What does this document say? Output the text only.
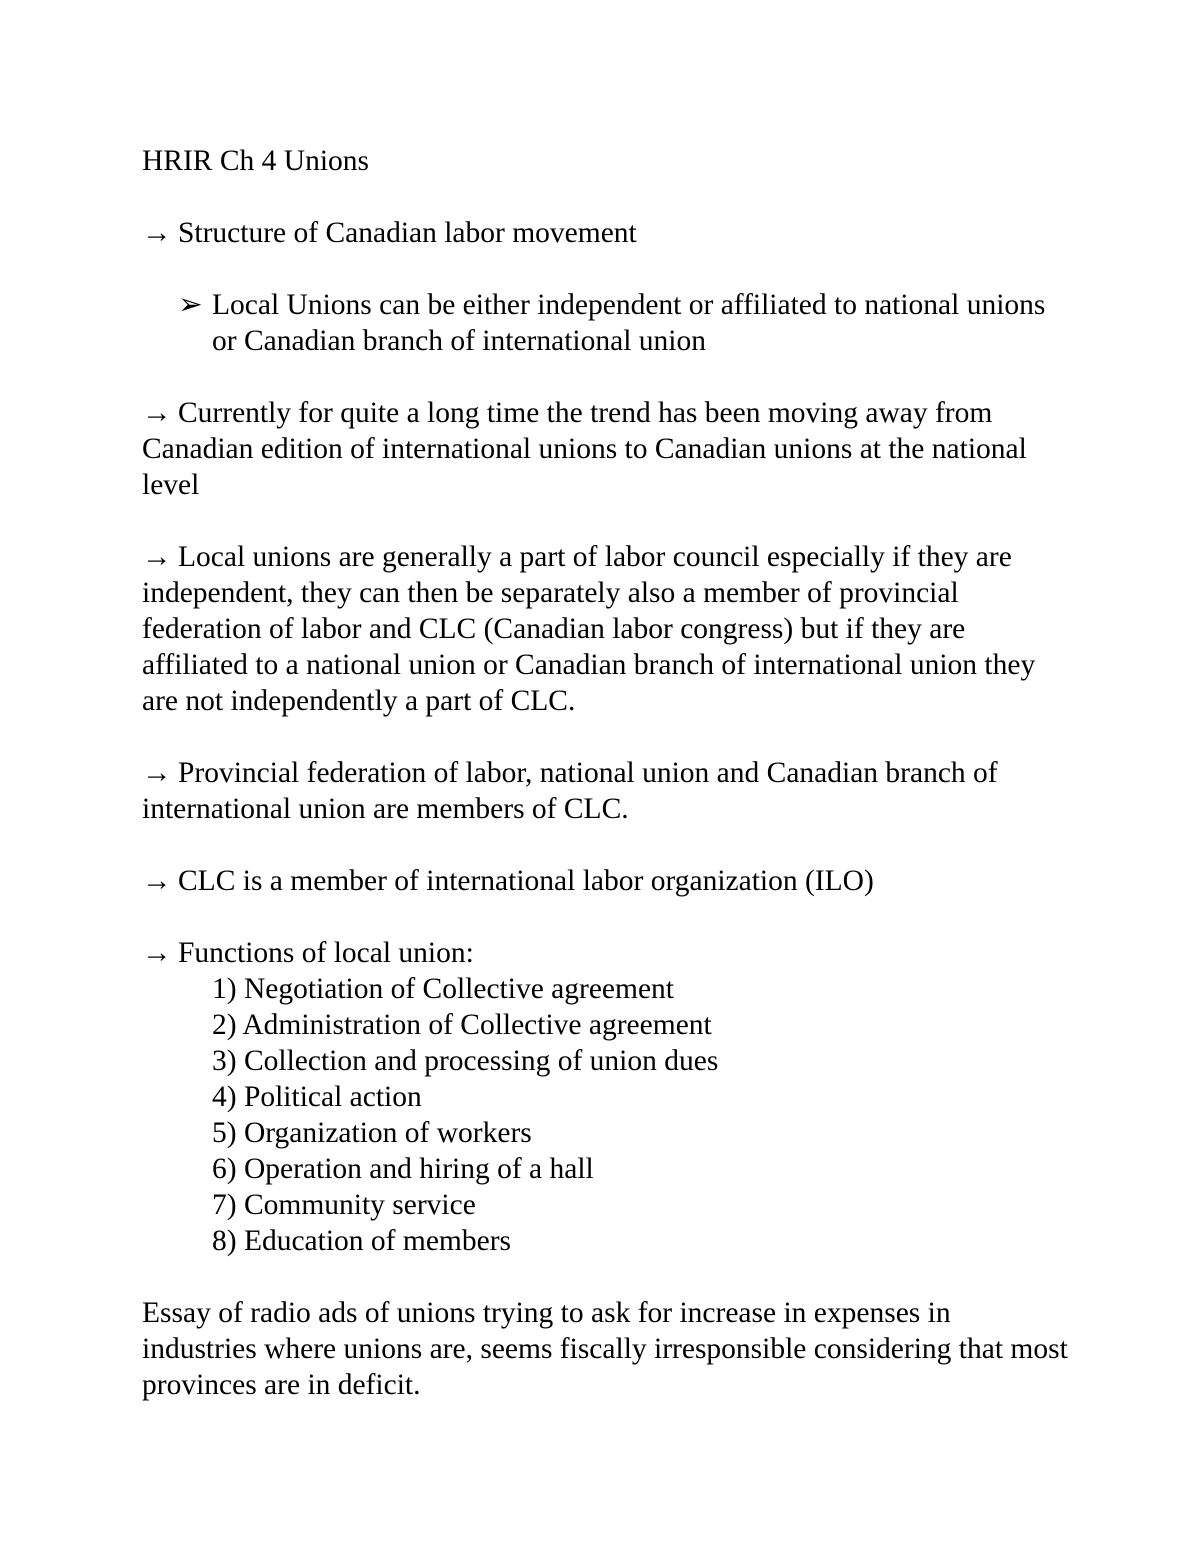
HRIR Ch 4 Unions

→ Structure of Canadian labor movement

➢ Local Unions can be either independent or affiliated to national unions or Canadian branch of international union

→ Currently for quite a long time the trend has been moving away from Canadian edition of international unions to Canadian unions at the national level

→ Local unions are generally a part of labor council especially if they are independent, they can then be separately also a member of provincial federation of labor and CLC (Canadian labor congress) but if they are affiliated to a national union or Canadian branch of international union they are not independently a part of CLC.

→ Provincial federation of labor, national union and Canadian branch of international union are members of CLC.

→ CLC is a member of international labor organization (ILO)

→ Functions of local union:

1) Negotiation of Collective agreement
2) Administration of Collective agreement
3) Collection and processing of union dues
4) Political action
5) Organization of workers
6) Operation and hiring of a hall
7) Community service
8) Education of members

Essay of radio ads of unions trying to ask for increase in expenses in industries where unions are, seems fiscally irresponsible considering that most provinces are in deficit.
